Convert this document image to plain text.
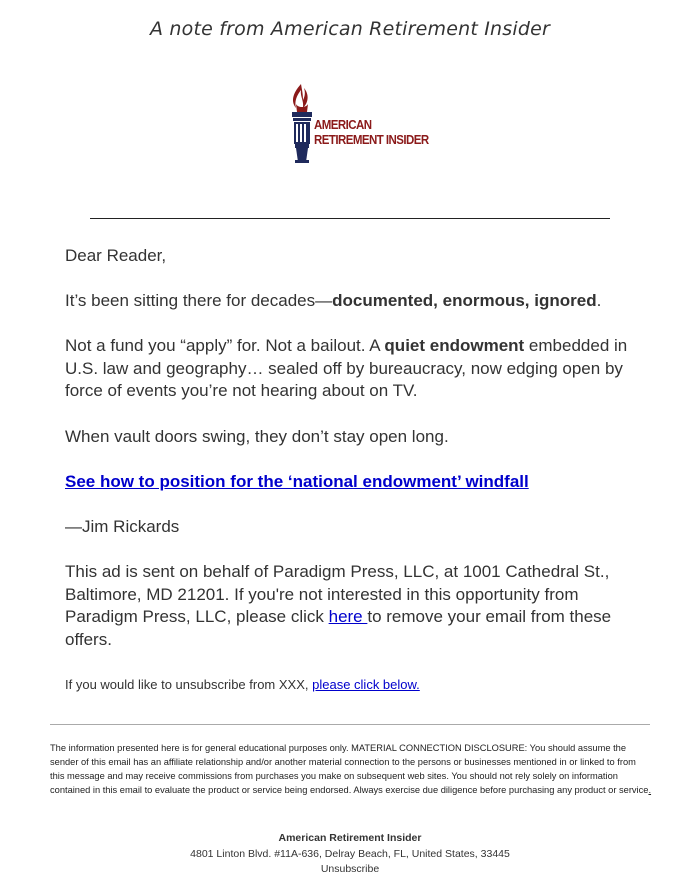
A note from American Retirement Insider
AMERICAN
RETIREMENT INSIDER

Dear Reader,

It’s been sitting there for decades—documented, enormous, ignored.

Not a fund you “apply” for. Not a bailout. A quiet endowment embedded in U.S. law and geography… sealed off by bureaucracy, now edging open by force of events you’re not hearing about on TV.

When vault doors swing, they don’t stay open long.

See how to position for the ‘national endowment’ windfall

—Jim Rickards

This ad is sent on behalf of Paradigm Press, LLC, at 1001 Cathedral St., Baltimore, MD 21201. If you're not interested in this opportunity from Paradigm Press, LLC, please click here to remove your email from these offers.

If you would like to unsubscribe from XXX, please click below.

The information presented here is for general educational purposes only. MATERIAL CONNECTION DISCLOSURE: You should assume the sender of this email has an affiliate relationship and/or another material connection to the persons or businesses mentioned in or linked to from this message and may receive commissions from purchases you make on subsequent web sites. You should not rely solely on information contained in this email to evaluate the product or service being endorsed. Always exercise due diligence before purchasing any product or service.
American Retirement Insider
4801 Linton Blvd. #11A-636, Delray Beach, FL, United States, 33445
Unsubscribe
